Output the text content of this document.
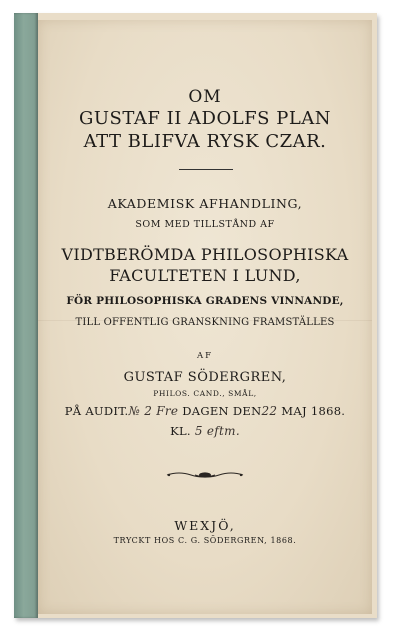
OM
GUSTAF II ADOLFS PLAN
ATT BLIFVA RYSK CZAR.
AKADEMISK AFHANDLING,
SOM MED TILLSTÅND AF
VIDTBERÖMDA PHILOSOPHISKA
FACULTETEN I LUND,
FÖR PHILOSOPHISKA GRADENS VINNANDE,
TILL OFFENTLIG GRANSKNING FRAMSTÄLLES
AF
GUSTAF SÖDERGREN,
PHILOS. CAND., SMÅL,
PÅ AUDIT.№ 2 Fre DAGEN DEN22 MAJ 1868.
KL. 5 eftm.
WEXJÖ,
TRYCKT HOS C. G. SÖDERGREN, 1868.
